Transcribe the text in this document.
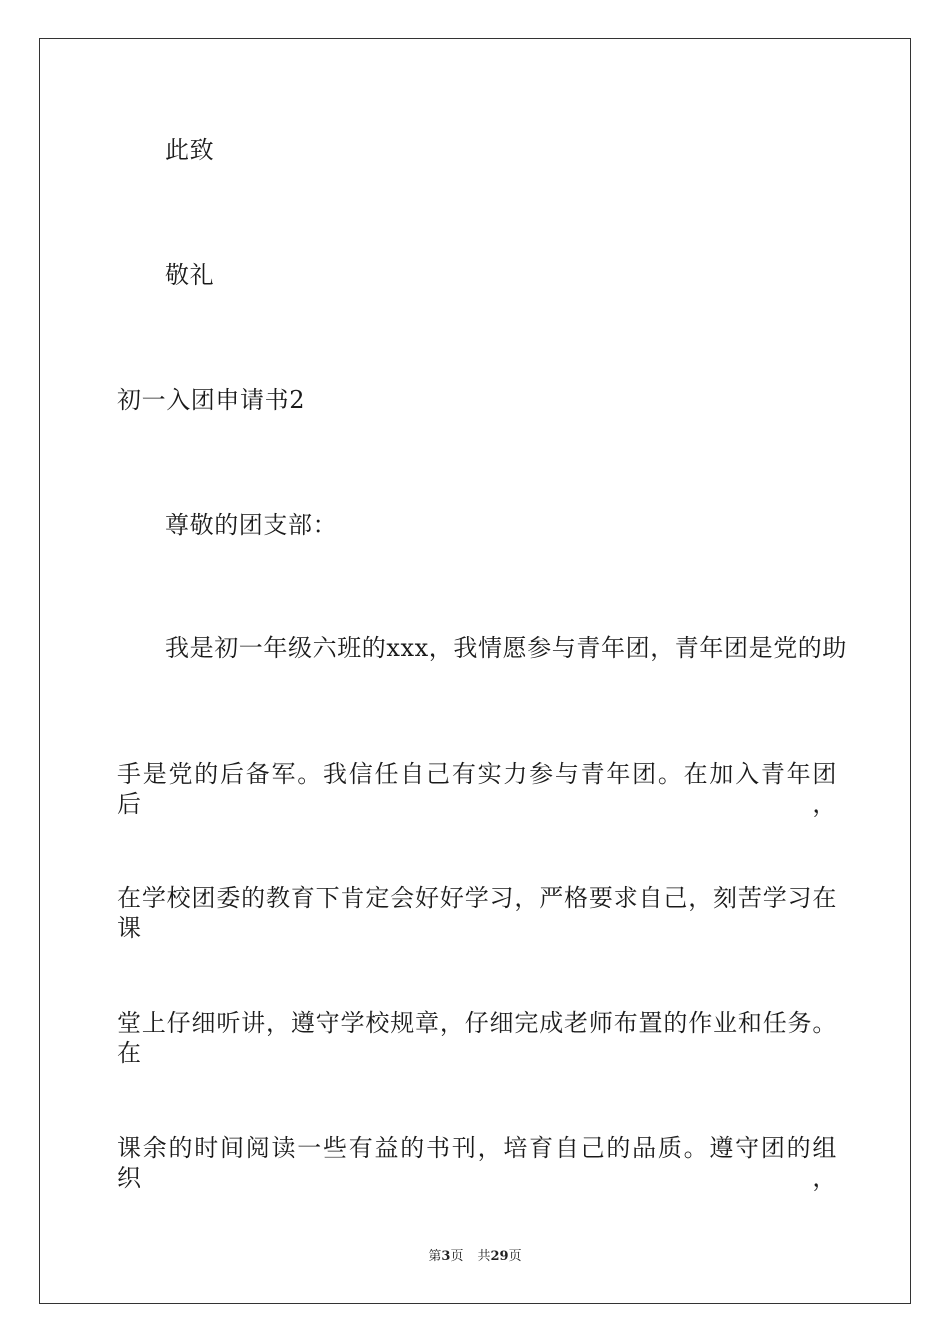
此致
敬礼
初一入团申请书2
尊敬的团支部：
我是初一年级六班的xxx，我情愿参与青年团，青年团是党的助
手是党的后备军。我信任自己有实力参与青年团。在加入青年团后，
在学校团委的教育下肯定会好好学习，严格要求自己，刻苦学习在课
堂上仔细听讲，遵守学校规章，仔细完成老师布置的作业和任务。在
课余的时间阅读一些有益的书刊，培育自己的品质。遵守团的组织，
第3页 共29页
